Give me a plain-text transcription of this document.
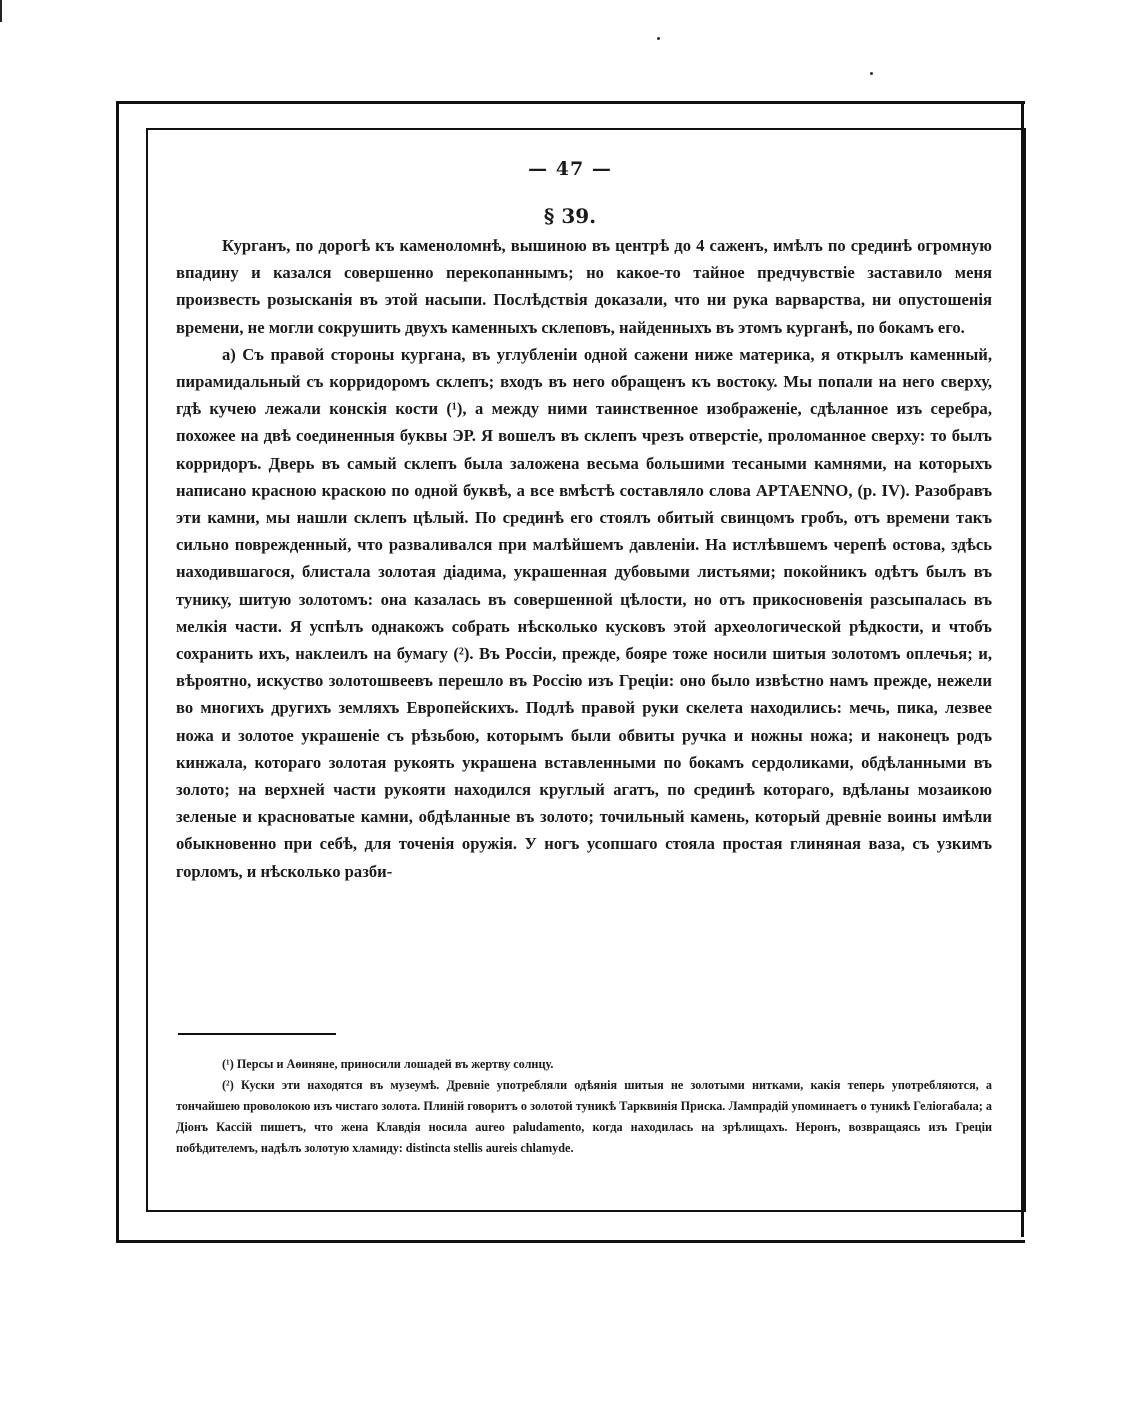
— 47 —
§ 39.

Курганъ, по дорогѣ къ каменоломнѣ, вышиною въ центрѣ до 4 саженъ, имѣлъ по срединѣ огромную впадину и казался совершенно перекопаннымъ; но какое-то тайное предчувствіе заставило меня произвесть розысканія въ этой насыпи. Послѣдствія доказали, что ни рука варварства, ни опустошенія времени, не могли сокрушить двухъ каменныхъ склеповъ, найденныхъ въ этомъ курганѣ, по бокамъ его.

а) Съ правой стороны кургана, въ углубленіи одной сажени ниже материка, я открылъ каменный, пирамидальный съ корридоромъ склепъ; входъ въ него обращенъ къ востоку. Мы попали на него сверху, гдѣ кучею лежали конскія кости (¹), а между ними таинственное изображеніе, сдѣланное изъ серебра, похожее на двѣ соединенныя буквы ЭР. Я вошелъ въ склепъ чрезъ отверстіе, проломанное сверху: то былъ корридоръ. Дверь въ самый склепъ была заложена весьма большими тесаными камнями, на которыхъ написано красною краскою по одной буквѣ, а все вмѣстѣ составляло слова АРТАЕNNO, (р. IV). Разобравъ эти камни, мы нашли склепъ цѣлый. По срединѣ его стоялъ обитый свинцомъ гробъ, отъ времени такъ сильно поврежденный, что разваливался при малѣйшемъ давленіи. На истлѣвшемъ черепѣ остова, здѣсь находившагося, блистала золотая діадима, украшенная дубовыми листьями; покойникъ одѣтъ былъ въ тунику, шитую золотомъ: она казалась въ совершенной цѣлости, но отъ прикосновенія разсыпалась въ мелкія части. Я успѣлъ однакожъ собрать нѣсколько кусковъ этой археологической рѣдкости, и чтобъ сохранить ихъ, наклеилъ на бумагу (²). Въ Россіи, прежде, бояре тоже носили шитыя золотомъ оплечья; и, вѣроятно, искуство золотошвеевъ перешло въ Россію изъ Греціи: оно было извѣстно намъ прежде, нежели во многихъ другихъ земляхъ Европейскихъ. Подлѣ правой руки скелета находились: мечь, пика, лезвее ножа и золотое украшеніе съ рѣзьбою, которымъ были обвиты ручка и ножны ножа; и наконецъ родъ кинжала, котораго золотая рукоять украшена вставленными по бокамъ сердоликами, обдѣланными въ золото; на верхней части рукояти находился круглый агатъ, по срединѣ котораго, вдѣланы мозаикою зеленые и красноватые камни, обдѣланные въ золото; точильный камень, который древніе воины имѣли обыкновенно при себѣ, для точенія оружія. У ногъ усопшаго стояла простая глиняная ваза, съ узкимъ горломъ, и нѣсколько разби-

(¹) Персы и Аѳиняне, приносили лошадей въ жертву солнцу.

(²) Куски эти находятся въ музеумѣ. Древніе употребляли одѣянія шитыя не золотыми нитками, какія теперь употребляются, а тончайшею проволокою изъ чистаго золота. Плиній говоритъ о золотой туникѣ Тарквинія Приска. Лампрадій упоминаетъ о туникѣ Геліогабала; а Діонъ Кассій пишетъ, что жена Клавдія носила aureo paludamento, когда находилась на зрѣлищахъ. Неронъ, возвращаясь изъ Греціи побѣдителемъ, надѣлъ золотую хламиду: distincta stellis aureis chlamyde.
